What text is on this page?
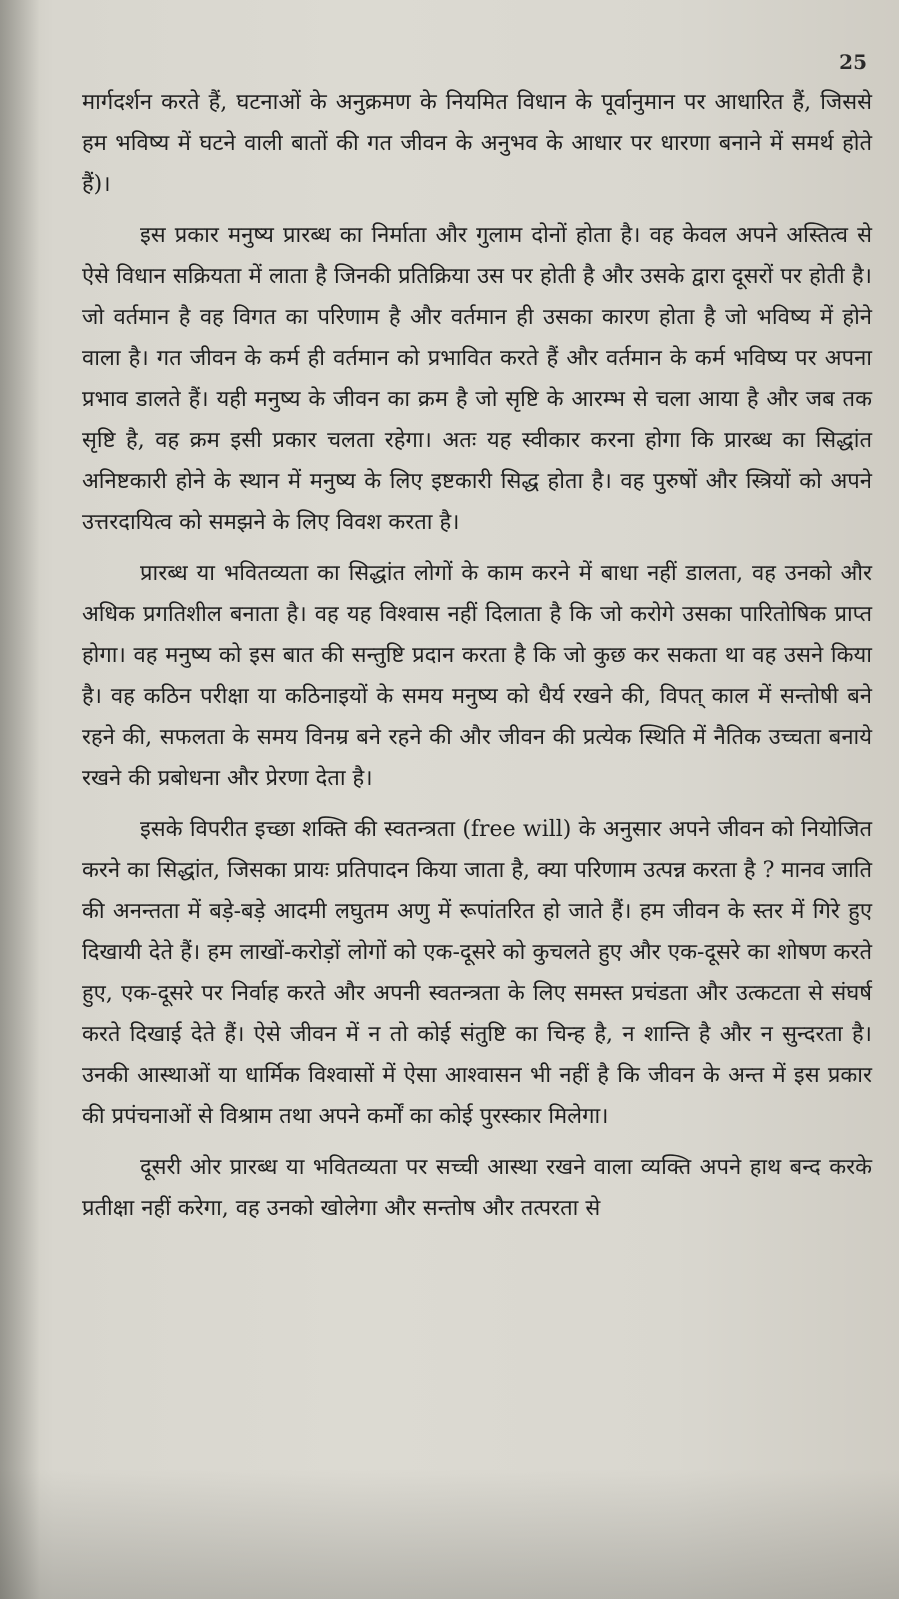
25

मार्गदर्शन करते हैं, घटनाओं के अनुक्रमण के नियमित विधान के पूर्वानुमान पर आधारित हैं, जिससे हम भविष्य में घटने वाली बातों की गत जीवन के अनुभव के आधार पर धारणा बनाने में समर्थ होते हैं)।

इस प्रकार मनुष्य प्रारब्ध का निर्माता और गुलाम दोनों होता है। वह केवल अपने अस्तित्व से ऐसे विधान सक्रियता में लाता है जिनकी प्रतिक्रिया उस पर होती है और उसके द्वारा दूसरों पर होती है। जो वर्तमान है वह विगत का परिणाम है और वर्तमान ही उसका कारण होता है जो भविष्य में होने वाला है। गत जीवन के कर्म ही वर्तमान को प्रभावित करते हैं और वर्तमान के कर्म भविष्य पर अपना प्रभाव डालते हैं। यही मनुष्य के जीवन का क्रम है जो सृष्टि के आरम्भ से चला आया है और जब तक सृष्टि है, वह क्रम इसी प्रकार चलता रहेगा। अतः यह स्वीकार करना होगा कि प्रारब्ध का सिद्धांत अनिष्टकारी होने के स्थान में मनुष्य के लिए इष्टकारी सिद्ध होता है। वह पुरुषों और स्त्रियों को अपने उत्तरदायित्व को समझने के लिए विवश करता है।

प्रारब्ध या भवितव्यता का सिद्धांत लोगों के काम करने में बाधा नहीं डालता, वह उनको और अधिक प्रगतिशील बनाता है। वह यह विश्वास नहीं दिलाता है कि जो करोगे उसका पारितोषिक प्राप्त होगा। वह मनुष्य को इस बात की सन्तुष्टि प्रदान करता है कि जो कुछ कर सकता था वह उसने किया है। वह कठिन परीक्षा या कठिनाइयों के समय मनुष्य को धैर्य रखने की, विपत् काल में सन्तोषी बने रहने की, सफलता के समय विनम्र बने रहने की और जीवन की प्रत्येक स्थिति में नैतिक उच्चता बनाये रखने की प्रबोधना और प्रेरणा देता है।

इसके विपरीत इच्छा शक्ति की स्वतन्त्रता (free will) के अनुसार अपने जीवन को नियोजित करने का सिद्धांत, जिसका प्रायः प्रतिपादन किया जाता है, क्या परिणाम उत्पन्न करता है ? मानव जाति की अनन्तता में बड़े-बड़े आदमी लघुतम अणु में रूपांतरित हो जाते हैं। हम जीवन के स्तर में गिरे हुए दिखायी देते हैं। हम लाखों-करोड़ों लोगों को एक-दूसरे को कुचलते हुए और एक-दूसरे का शोषण करते हुए, एक-दूसरे पर निर्वाह करते और अपनी स्वतन्त्रता के लिए समस्त प्रचंडता और उत्कटता से संघर्ष करते दिखाई देते हैं। ऐसे जीवन में न तो कोई संतुष्टि का चिन्ह है, न शान्ति है और न सुन्दरता है। उनकी आस्थाओं या धार्मिक विश्वासों में ऐसा आश्वासन भी नहीं है कि जीवन के अन्त में इस प्रकार की प्रपंचनाओं से विश्राम तथा अपने कर्मों का कोई पुरस्कार मिलेगा।

दूसरी ओर प्रारब्ध या भवितव्यता पर सच्ची आस्था रखने वाला व्यक्ति अपने हाथ बन्द करके प्रतीक्षा नहीं करेगा, वह उनको खोलेगा और सन्तोष और तत्परता से
